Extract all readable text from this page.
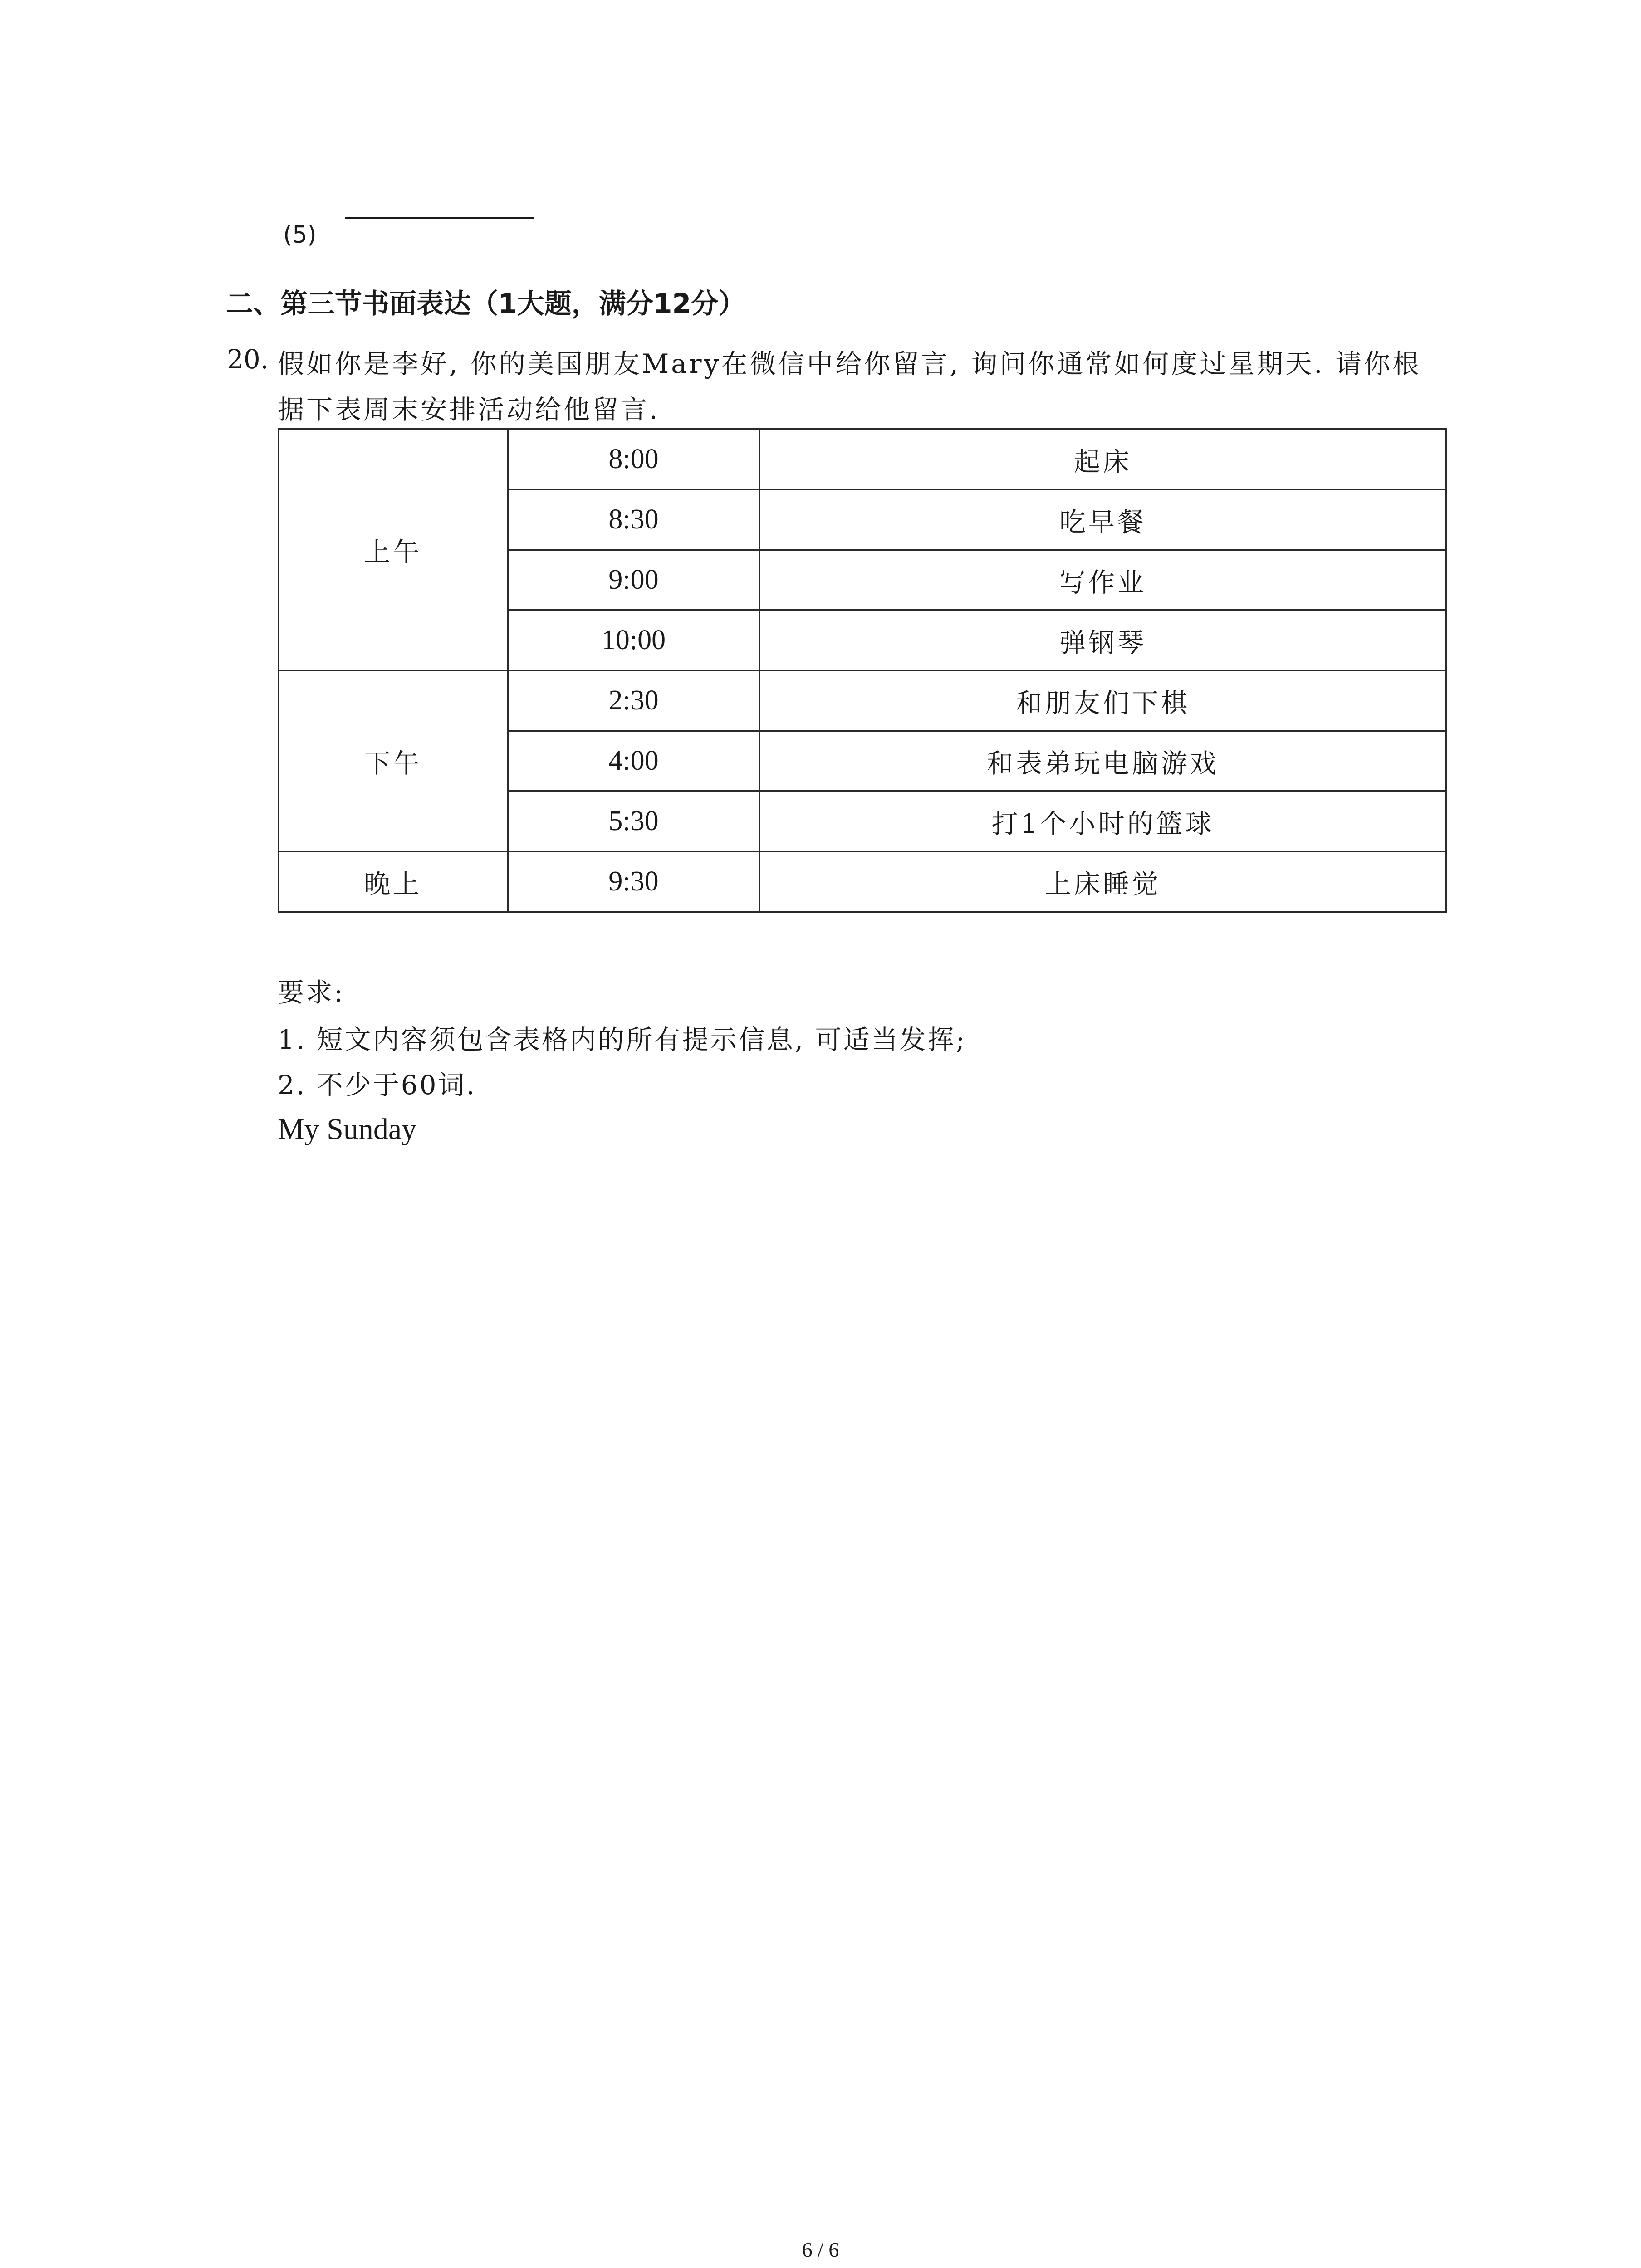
(5)
二、第三节书面表达（1大题，满分12分）
20. 假如你是李好, 你的美国朋友Mary在微信中给你留言, 询问你通常如何度过星期天. 请你根据下表周末安排活动给他留言.
上午	8:00	起床
	8:30	吃早餐
	9:00	写作业
	10:00	弹钢琴
下午	2:30	和朋友们下棋
	4:00	和表弟玩电脑游戏
	5:30	打1个小时的篮球
晚上	9:30	上床睡觉
要求:
1. 短文内容须包含表格内的所有提示信息, 可适当发挥;
2. 不少于60词.
My Sunday
6 / 6
